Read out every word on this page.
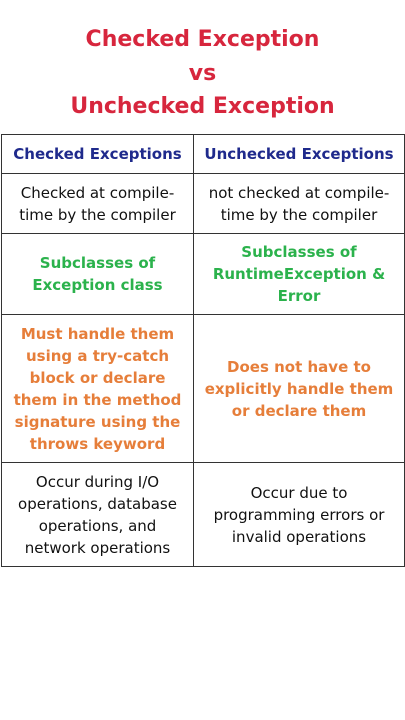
Checked Exception
vs
Unchecked Exception
Checked Exceptions	Unchecked Exceptions
Checked at compile-time by the compiler	not checked at compile-time by the compiler
Subclasses of Exception class	Subclasses of RuntimeException & Error
Must handle them using a try-catch block or declare them in the method signature using the throws keyword	Does not have to explicitly handle them or declare them
Occur during I/O operations, database operations, and network operations	Occur due to programming errors or invalid operations
